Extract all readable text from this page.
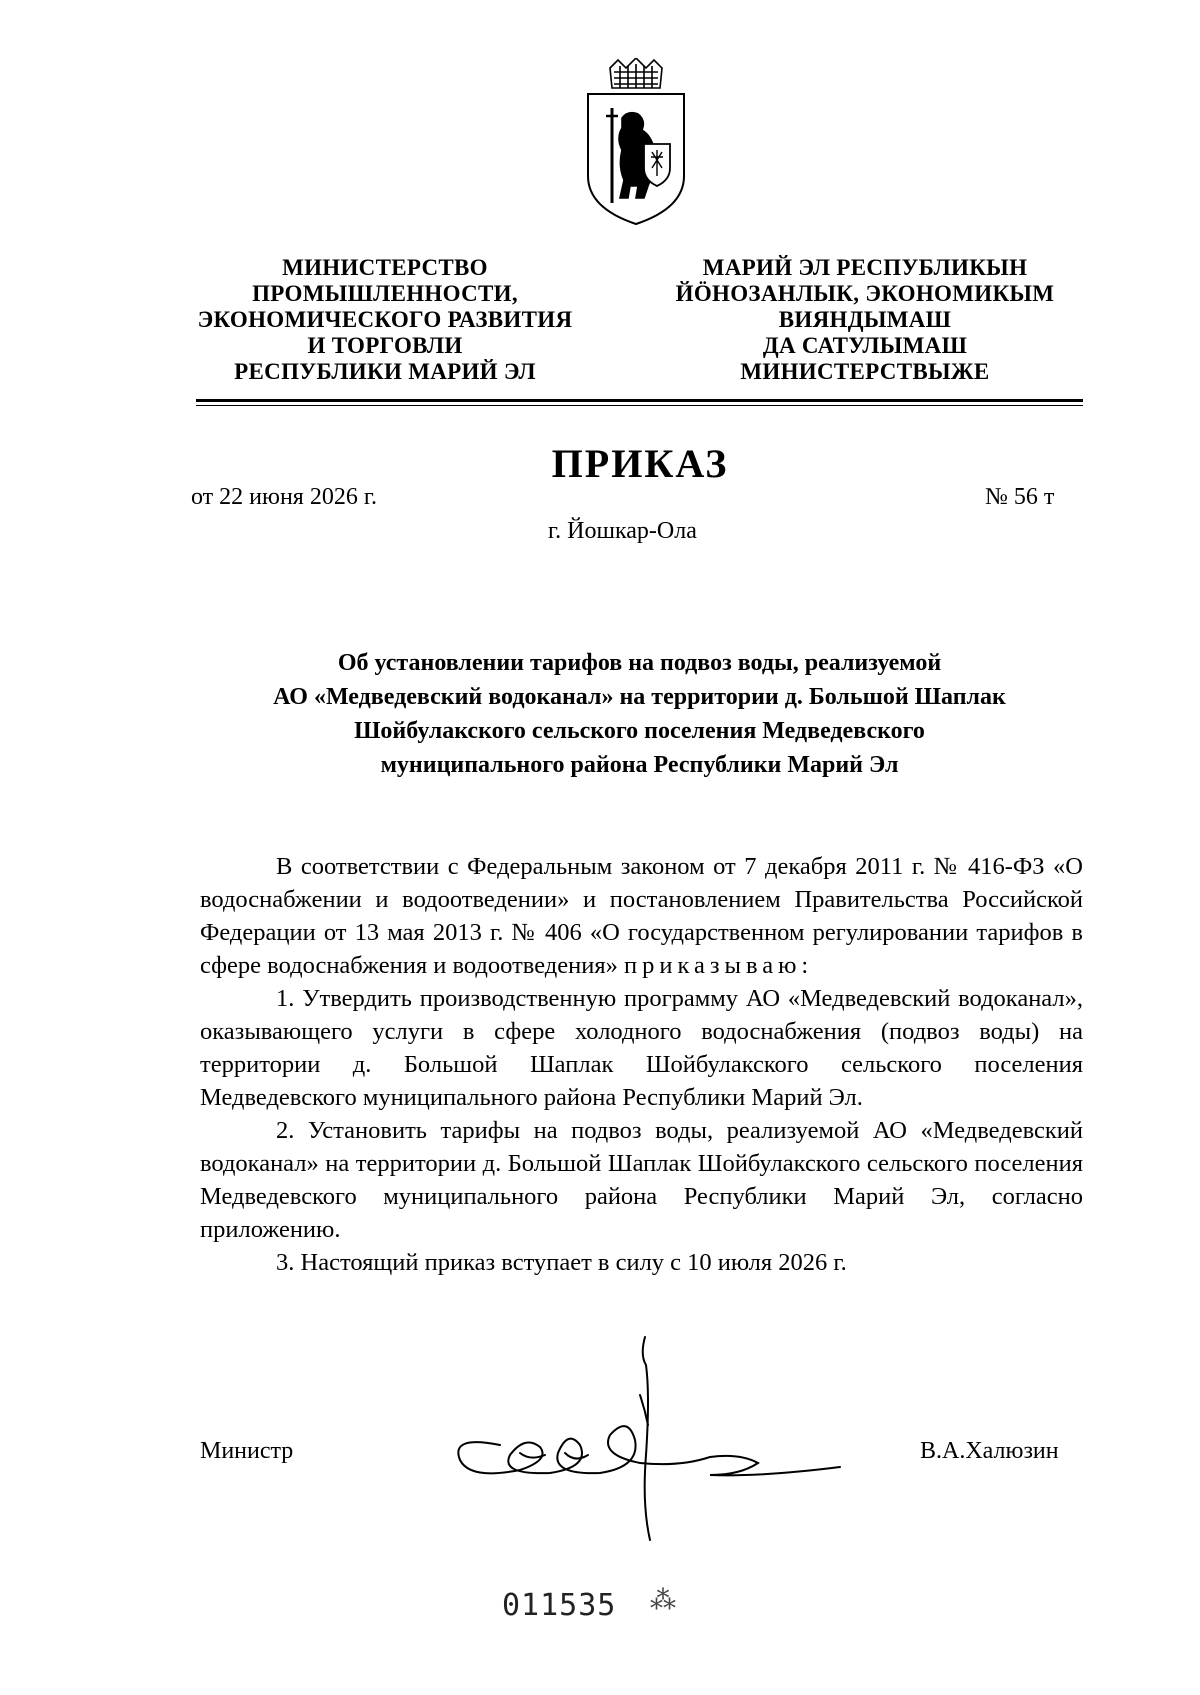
МИНИСТЕРСТВО
ПРОМЫШЛЕННОСТИ,
ЭКОНОМИЧЕСКОГО РАЗВИТИЯ
И ТОРГОВЛИ
РЕСПУБЛИКИ МАРИЙ ЭЛ
МАРИЙ ЭЛ РЕСПУБЛИКЫН
ЙӦНОЗАНЛЫК, ЭКОНОМИКЫМ
ВИЯНДЫМАШ
ДА САТУЛЫМАШ
МИНИСТЕРСТВЫЖЕ
ПРИКАЗ
от 22 июня 2026 г.	№ 56 т
г. Йошкар-Ола
Об установлении тарифов на подвоз воды, реализуемой
АО «Медведевский водоканал» на территории д. Большой Шаплак
Шойбулакского сельского поселения Медведевского
муниципального района Республики Марий Эл

В соответствии с Федеральным законом от 7 декабря 2011 г. № 416-ФЗ «О водоснабжении и водоотведении» и постановлением Правительства Российской Федерации от 13 мая 2013 г. № 406 «О государственном регулировании тарифов в сфере водоснабжения и водоотведения» приказываю:

1. Утвердить производственную программу АО «Медведевский водоканал», оказывающего услуги в сфере холодного водоснабжения (подвоз воды) на территории д. Большой Шаплак Шойбулакского сельского поселения Медведевского муниципального района Республики Марий Эл.

2. Установить тарифы на подвоз воды, реализуемой АО «Медведевский водоканал» на территории д. Большой Шаплак Шойбулакского сельского поселения Медведевского муниципального района Республики Марий Эл, согласно приложению.

3. Настоящий приказ вступает в силу с 10 июля 2026 г.

Министр	В.А.Халюзин
011535 ⁂
